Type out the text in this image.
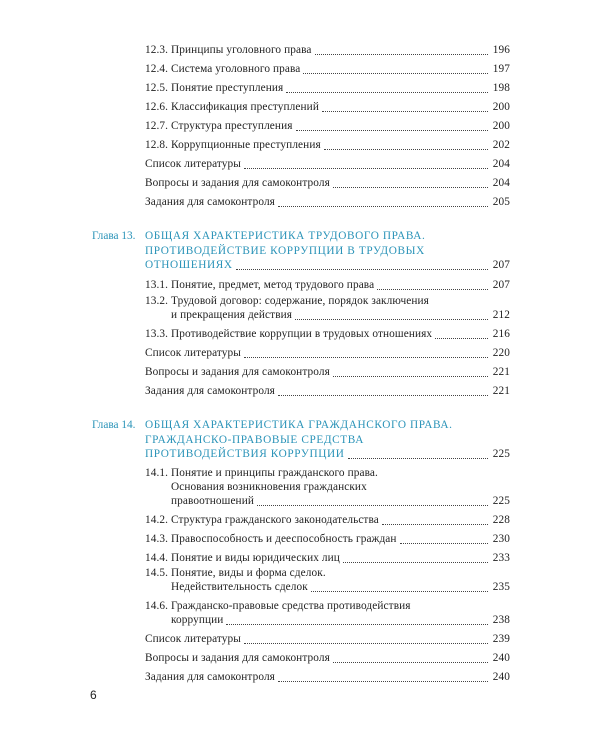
12.3. Принципы уголовного права	196
12.4. Система уголовного права	197
12.5. Понятие преступления	198
12.6. Классификация преступлений	200
12.7. Структура преступления	200
12.8. Коррупционные преступления	202
Список литературы	204
Вопросы и задания для самоконтроля	204
Задания для самоконтроля	205
Глава 13. ОБЩАЯ ХАРАКТЕРИСТИКА ТРУДОВОГО ПРАВА.
ПРОТИВОДЕЙСТВИЕ КОРРУПЦИИ В ТРУДОВЫХ
ОТНОШЕНИЯХ	207
13.1. Понятие, предмет, метод трудового права	207
13.2. Трудовой договор: содержание, порядок заключения
и прекращения действия	212
13.3. Противодействие коррупции в трудовых отношениях	216
Список литературы	220
Вопросы и задания для самоконтроля	221
Задания для самоконтроля	221
Глава 14. ОБЩАЯ ХАРАКТЕРИСТИКА ГРАЖДАНСКОГО ПРАВА.
ГРАЖДАНСКО-ПРАВОВЫЕ СРЕДСТВА
ПРОТИВОДЕЙСТВИЯ КОРРУПЦИИ	225
14.1. Понятие и принципы гражданского права.
Основания возникновения гражданских
правоотношений	225
14.2. Структура гражданского законодательства	228
14.3. Правоспособность и дееспособность граждан	230
14.4. Понятие и виды юридических лиц	233
14.5. Понятие, виды и форма сделок.
Недействительность сделок	235
14.6. Гражданско-правовые средства противодействия
коррупции	238
Список литературы	239
Вопросы и задания для самоконтроля	240
Задания для самоконтроля	240
6
